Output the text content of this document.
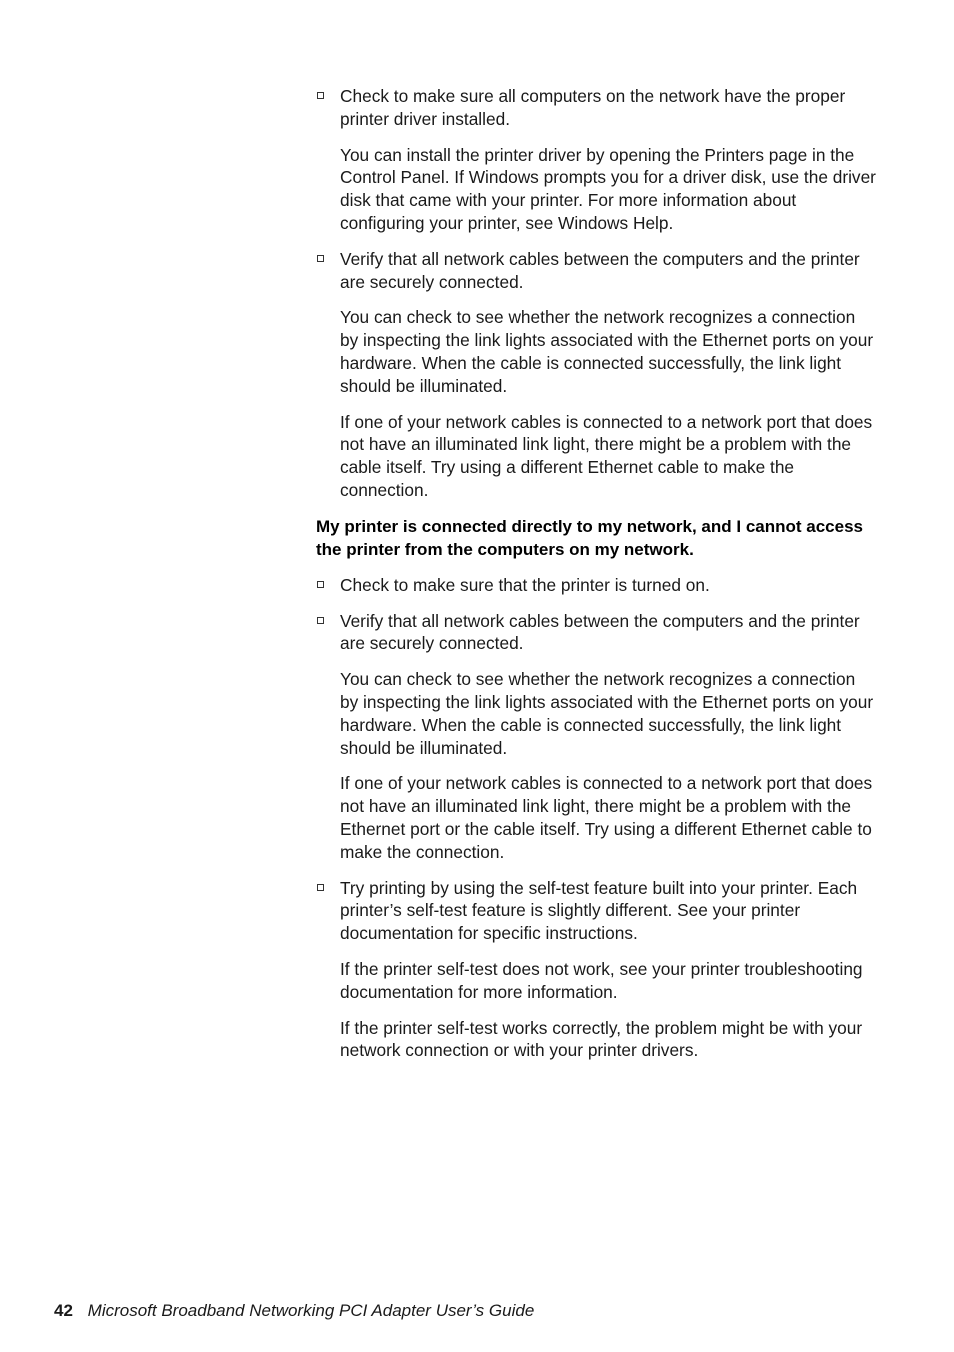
Check to make sure all computers on the network have the proper printer driver installed.
You can install the printer driver by opening the Printers page in the Control Panel. If Windows prompts you for a driver disk, use the driver disk that came with your printer. For more information about configuring your printer, see Windows Help.
Verify that all network cables between the computers and the printer are securely connected.
You can check to see whether the network recognizes a connection by inspecting the link lights associated with the Ethernet ports on your hardware. When the cable is connected successfully, the link light should be illuminated.
If one of your network cables is connected to a network port that does not have an illuminated link light, there might be a problem with the cable itself. Try using a different Ethernet cable to make the connection.
My printer is connected directly to my network, and I cannot access the printer from the computers on my network.
Check to make sure that the printer is turned on.
Verify that all network cables between the computers and the printer are securely connected.
You can check to see whether the network recognizes a connection by inspecting the link lights associated with the Ethernet ports on your hardware. When the cable is connected successfully, the link light should be illuminated.
If one of your network cables is connected to a network port that does not have an illuminated link light, there might be a problem with the Ethernet port or the cable itself. Try using a different Ethernet cable to make the connection.
Try printing by using the self-test feature built into your printer. Each printer’s self-test feature is slightly different. See your printer documentation for specific instructions.
If the printer self-test does not work, see your printer troubleshooting documentation for more information.
If the printer self-test works correctly, the problem might be with your network connection or with your printer drivers.
42 Microsoft Broadband Networking PCI Adapter User’s Guide
